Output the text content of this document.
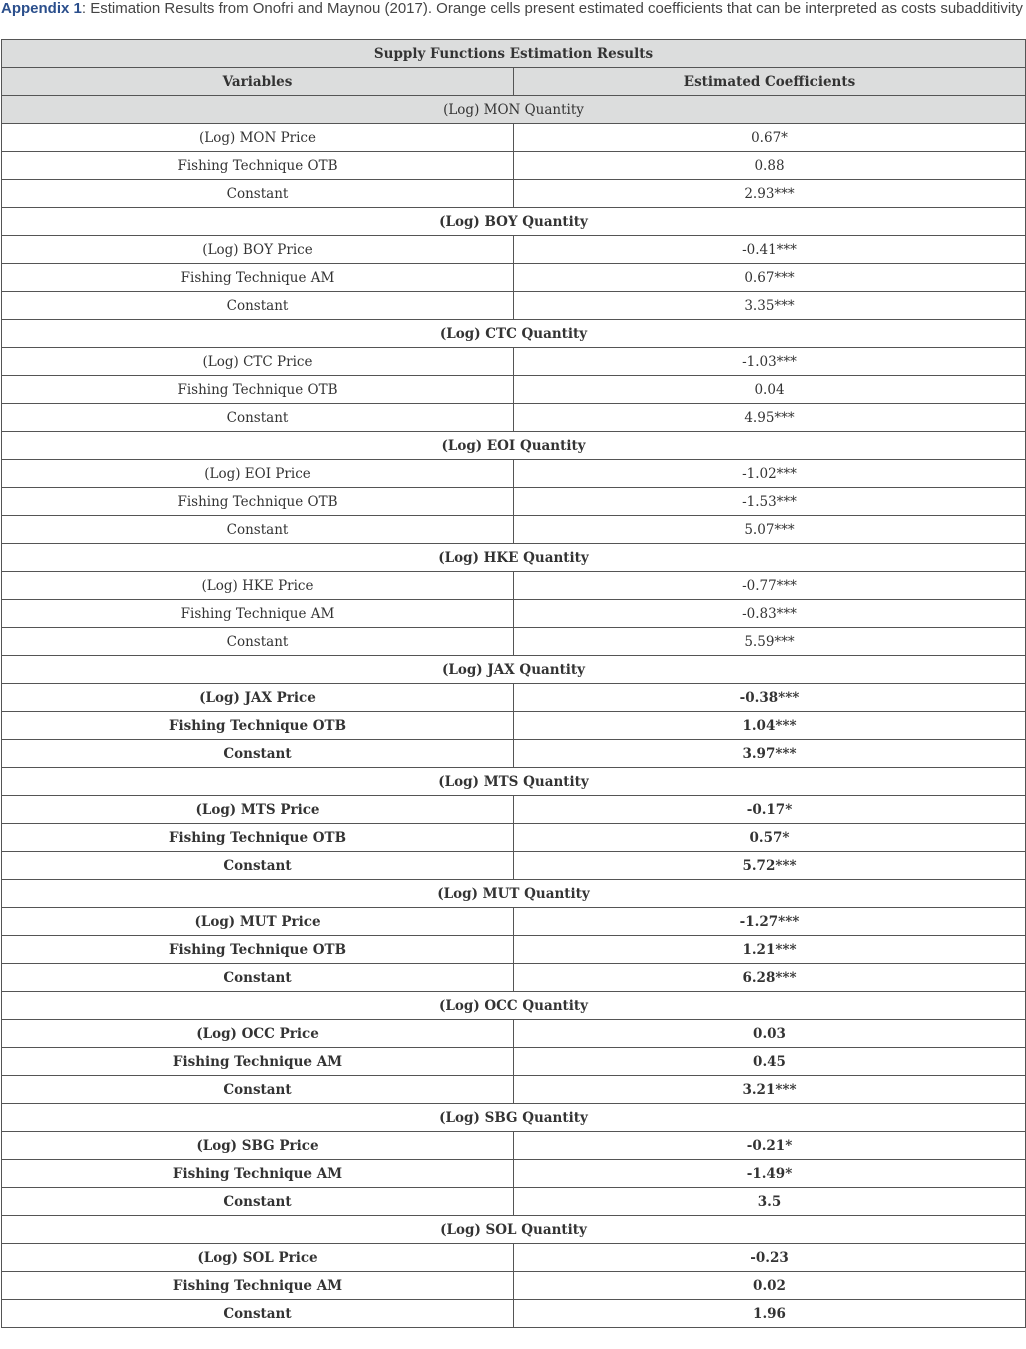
Appendix 1: Estimation Results from Onofri and Maynou (2017). Orange cells present estimated coefficients that can be interpreted as costs subadditivity
Supply Functions Estimation Results	
Variables	Estimated Coefficients
(Log) MON Quantity	
(Log) MON Price	0.67*
Fishing Technique OTB	0.88
Constant	2.93***
(Log) BOY Quantity	
(Log) BOY Price	-0.41***
Fishing Technique AM	0.67***
Constant	3.35***
(Log) CTC Quantity	
(Log) CTC Price	-1.03***
Fishing Technique OTB	0.04
Constant	4.95***
(Log) EOI Quantity	
(Log) EOI Price	-1.02***
Fishing Technique OTB	-1.53***
Constant	5.07***
(Log) HKE Quantity	
(Log) HKE Price	-0.77***
Fishing Technique AM	-0.83***
Constant	5.59***
(Log) JAX Quantity	
(Log) JAX Price	-0.38***
Fishing Technique OTB	1.04***
Constant	3.97***
(Log) MTS Quantity	
(Log) MTS Price	-0.17*
Fishing Technique OTB	0.57*
Constant	5.72***
(Log) MUT Quantity	
(Log) MUT Price	-1.27***
Fishing Technique OTB	1.21***
Constant	6.28***
(Log) OCC Quantity	
(Log) OCC Price	0.03
Fishing Technique AM	0.45
Constant	3.21***
(Log) SBG Quantity	
(Log) SBG Price	-0.21*
Fishing Technique AM	-1.49*
Constant	3.5
(Log) SOL Quantity	
(Log) SOL Price	-0.23
Fishing Technique AM	0.02
Constant	1.96
